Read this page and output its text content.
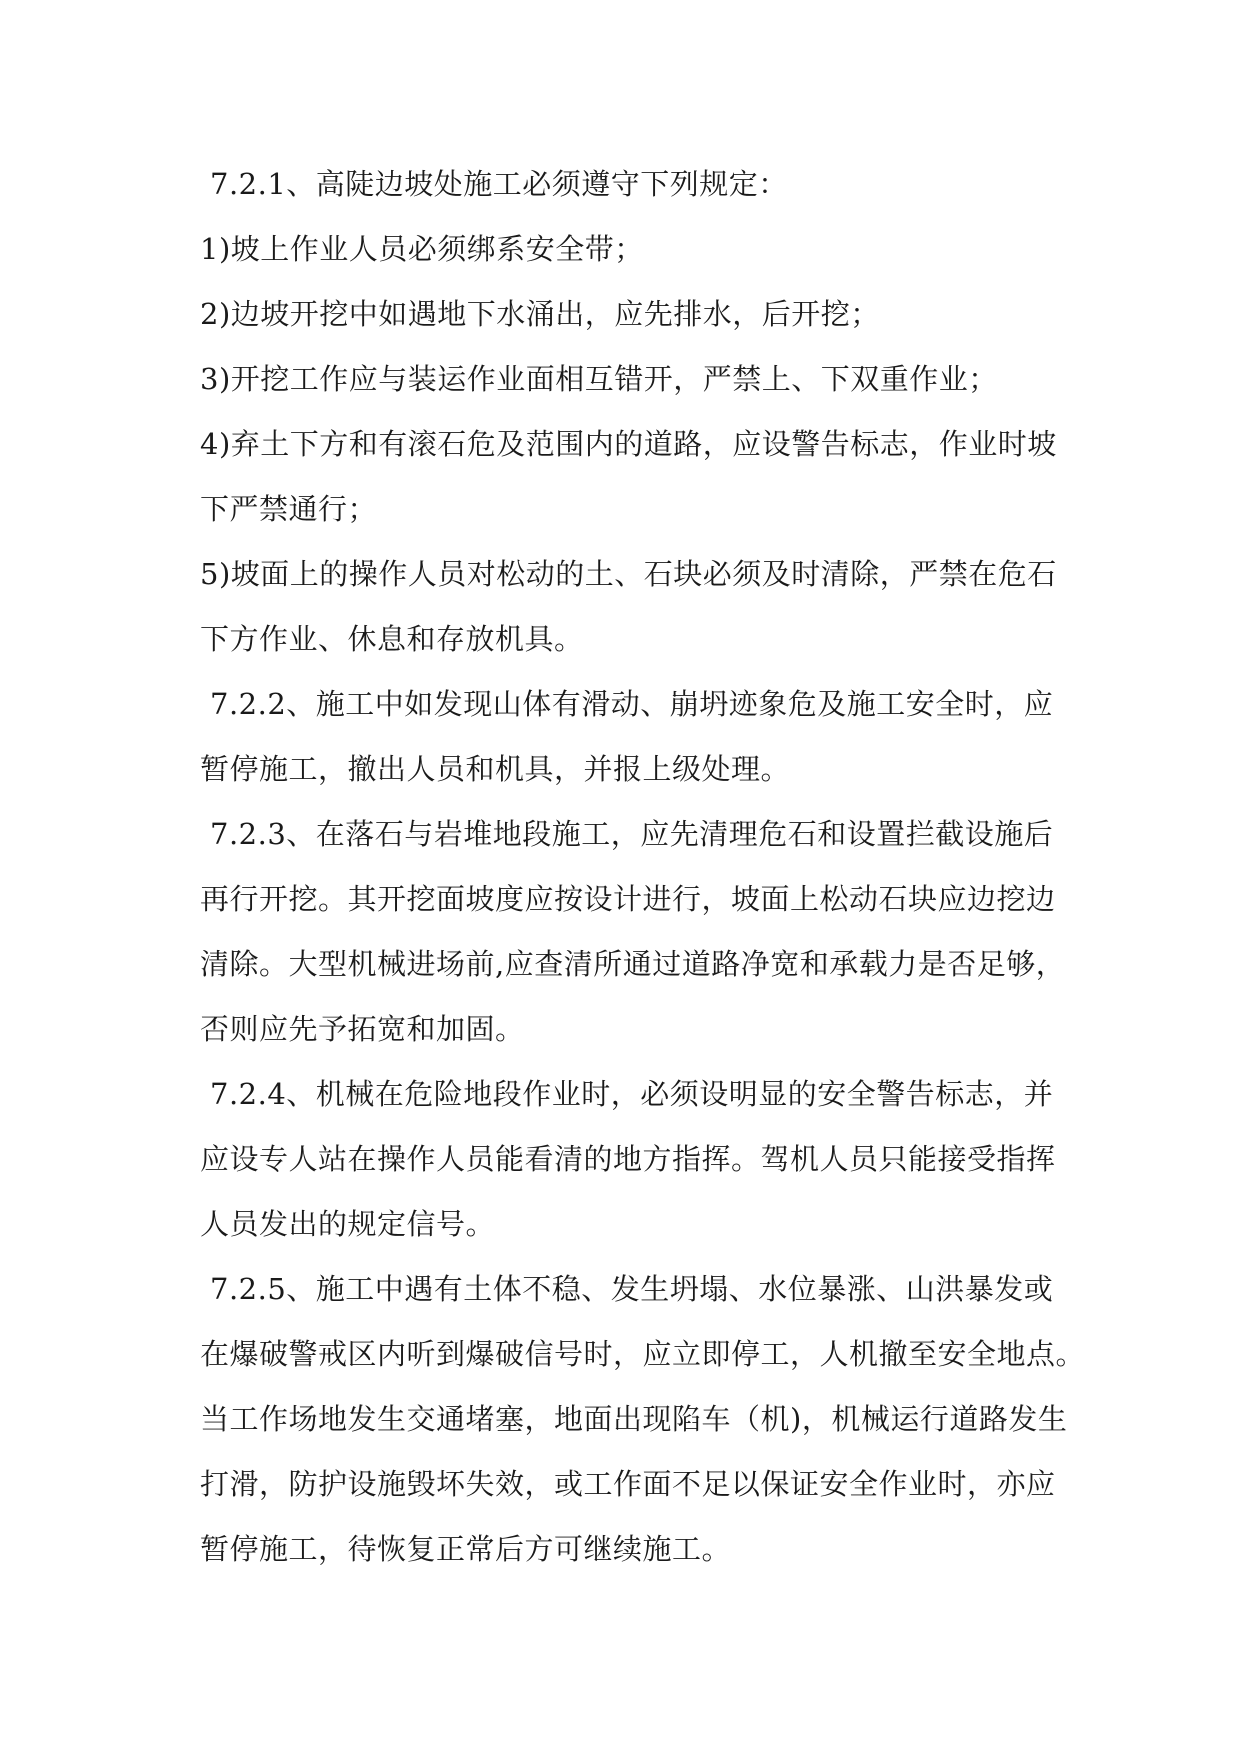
7.2.1、高陡边坡处施工必须遵守下列规定：
1)坡上作业人员必须绑系安全带；
2)边坡开挖中如遇地下水涌出，应先排水，后开挖；
3)开挖工作应与装运作业面相互错开，严禁上、下双重作业；
4)弃土下方和有滚石危及范围内的道路，应设警告标志，作业时坡
下严禁通行；
5)坡面上的操作人员对松动的土、石块必须及时清除，严禁在危石
下方作业、休息和存放机具。
7.2.2、施工中如发现山体有滑动、崩坍迹象危及施工安全时，应
暂停施工，撤出人员和机具，并报上级处理。
7.2.3、在落石与岩堆地段施工，应先清理危石和设置拦截设施后
再行开挖。其开挖面坡度应按设计进行，坡面上松动石块应边挖边
清除。大型机械进场前,应查清所通过道路净宽和承载力是否足够，
否则应先予拓宽和加固。
7.2.4、机械在危险地段作业时，必须设明显的安全警告标志，并
应设专人站在操作人员能看清的地方指挥。驾机人员只能接受指挥
人员发出的规定信号。
7.2.5、施工中遇有土体不稳、发生坍塌、水位暴涨、山洪暴发或
在爆破警戒区内听到爆破信号时，应立即停工，人机撤至安全地点。
当工作场地发生交通堵塞，地面出现陷车（机)，机械运行道路发生
打滑，防护设施毁坏失效，或工作面不足以保证安全作业时，亦应
暂停施工，待恢复正常后方可继续施工。
